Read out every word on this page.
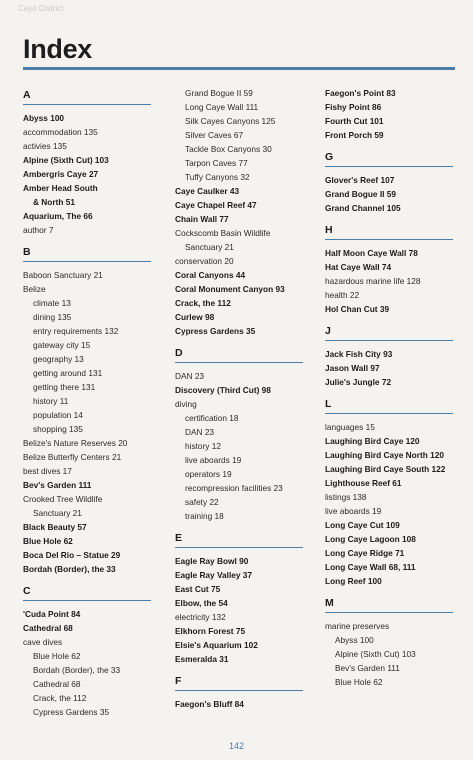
Cayo District
Index
A
Abyss 100
accommodation 135
activies 135
Alpine (Sixth Cut) 103
Ambergris Caye 27
Amber Head South
& North 51
Aquarium, The 66
author 7
B
Baboon Sanctuary 21
Belize
climate 13
dining 135
entry requirements 132
gateway city 15
geography 13
getting around 131
getting there 131
history 11
population 14
shopping 135
Belize's Nature Reserves 20
Belize Butterfly Centers 21
best dives 17
Bev's Garden 111
Crooked Tree Wildlife
Sanctuary 21
Black Beauty 57
Blue Hole 62
Boca Del Rio – Statue 29
Bordah (Border), the 33
C
'Cuda Point 84
Cathedral 68
cave dives
Blue Hole 62
Bordah (Border), the 33
Cathedral 68
Crack, the 112
Cypress Gardens 35
Grand Bogue II 59
Long Caye Wall 111
Silk Cayes Canyons 125
Silver Caves 67
Tackle Box Canyons 30
Tarpon Caves 77
Tuffy Canyons 32
Caye Caulker 43
Caye Chapel Reef 47
Chain Wall 77
Cockscomb Basin Wildlife
Sanctuary 21
conservation 20
Coral Canyons 44
Coral Monument Canyon 93
Crack, the 112
Curlew 98
Cypress Gardens 35
D
DAN 23
Discovery (Third Cut) 98
diving
certification 18
DAN 23
history 12
live aboards 19
operators 19
recompression facilities 23
safety 22
training 18
E
Eagle Ray Bowl 90
Eagle Ray Valley 37
East Cut 75
Elbow, the 54
electricity 132
Elkhorn Forest 75
Elsie's Aquarium 102
Esmeralda 31
F
Faegon's Bluff 84
Faegon's Point 83
Fishy Point 86
Fourth Cut 101
Front Porch 59
G
Glover's Reef 107
Grand Bogue II 59
Grand Channel 105
H
Half Moon Caye Wall 78
Hat Caye Wall 74
hazardous marine life 128
health 22
Hol Chan Cut 39
J
Jack Fish City 93
Jason Wall 97
Julie's Jungle 72
L
languages 15
Laughing Bird Caye 120
Laughing Bird Caye North 120
Laughing Bird Caye South 122
Lighthouse Reef 61
listings 138
live aboards 19
Long Caye Cut 109
Long Caye Lagoon 108
Long Caye Ridge 71
Long Caye Wall 68, 111
Long Reef 100
M
marine preserves
Abyss 100
Alpine (Sixth Cut) 103
Bev's Garden 111
Blue Hole 62
142
